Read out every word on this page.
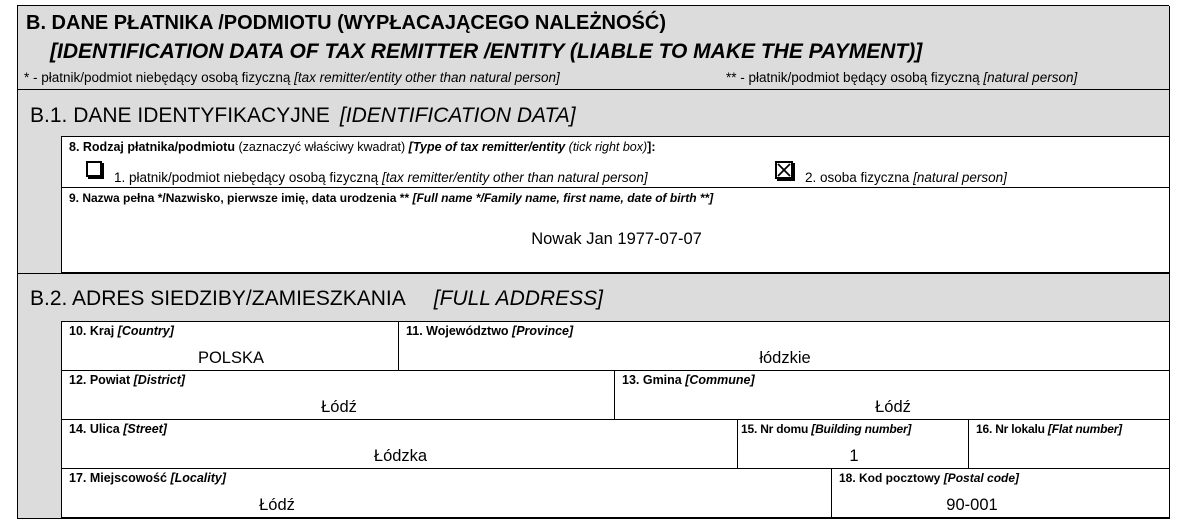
B. DANE PŁATNIKA /PODMIOTU (WYPŁACAJĄCEGO NALEŻNOŚĆ)
[IDENTIFICATION DATA OF TAX REMITTER /ENTITY (LIABLE TO MAKE THE PAYMENT)]
* - płatnik/podmiot niebędący osobą fizyczną [tax remitter/entity other than natural person]	** - płatnik/podmiot będący osobą fizyczną [natural person]
B.1. DANE IDENTYFIKACYJNE [IDENTIFICATION DATA]
8. Rodzaj płatnika/podmiotu (zaznaczyć właściwy kwadrat) [Type of tax remitter/entity (tick right box)]:
1. płatnik/podmiot niebędący osobą fizyczną [tax remitter/entity other than natural person]	2. osoba fizyczna [natural person]
9. Nazwa pełna */Nazwisko, pierwsze imię, data urodzenia ** [Full name */Family name, first name, date of birth **]
Nowak Jan 1977-07-07
B.2. ADRES SIEDZIBY/ZAMIESZKANIA [FULL ADDRESS]
10. Kraj [Country]
POLSKA
11. Województwo [Province]
łódzkie
12. Powiat [District]
Łódź
13. Gmina [Commune]
Łódź
14. Ulica [Street]
Łódzka
15. Nr domu [Building number]
1
16. Nr lokalu [Flat number]
17. Miejscowość [Locality]
Łódź
18. Kod pocztowy [Postal code]
90-001
